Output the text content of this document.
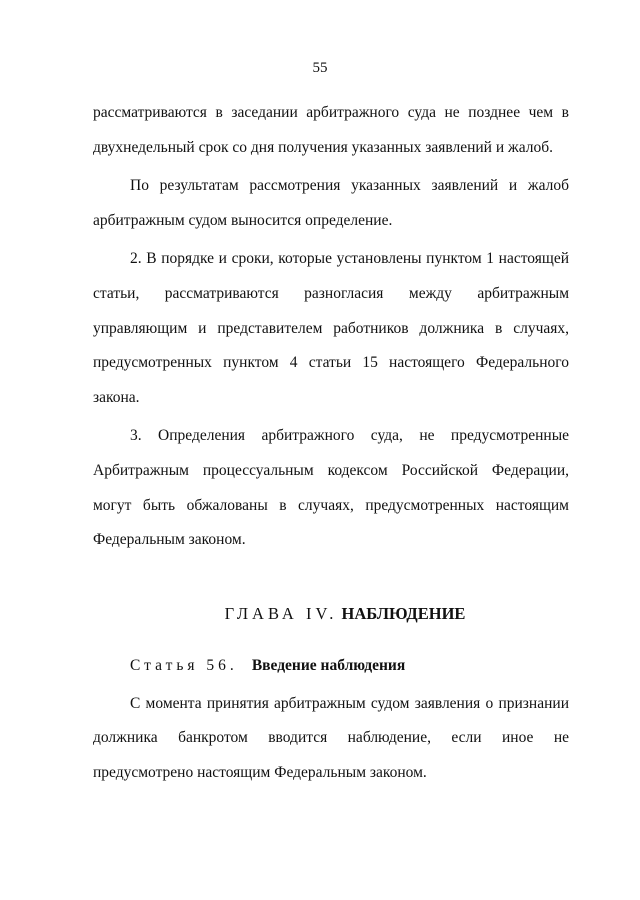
55

рассматриваются в заседании арбитражного суда не позднее чем в двухнедельный срок со дня получения указанных заявлений и жалоб.

По результатам рассмотрения указанных заявлений и жалоб арбитражным судом выносится определение.

2. В порядке и сроки, которые установлены пунктом 1 настоящей статьи, рассматриваются разногласия между арбитражным управляющим и представителем работников должника в случаях, предусмотренных пунктом 4 статьи 15 настоящего Федерального закона.

3. Определения арбитражного суда, не предусмотренные Арбитражным процессуальным кодексом Российской Федерации, могут быть обжалованы в случаях, предусмотренных настоящим Федеральным законом.

ГЛАВА IV. НАБЛЮДЕНИЕ
Статья 56. Введение наблюдения

С момента принятия арбитражным судом заявления о признании должника банкротом вводится наблюдение, если иное не предусмотрено настоящим Федеральным законом.
